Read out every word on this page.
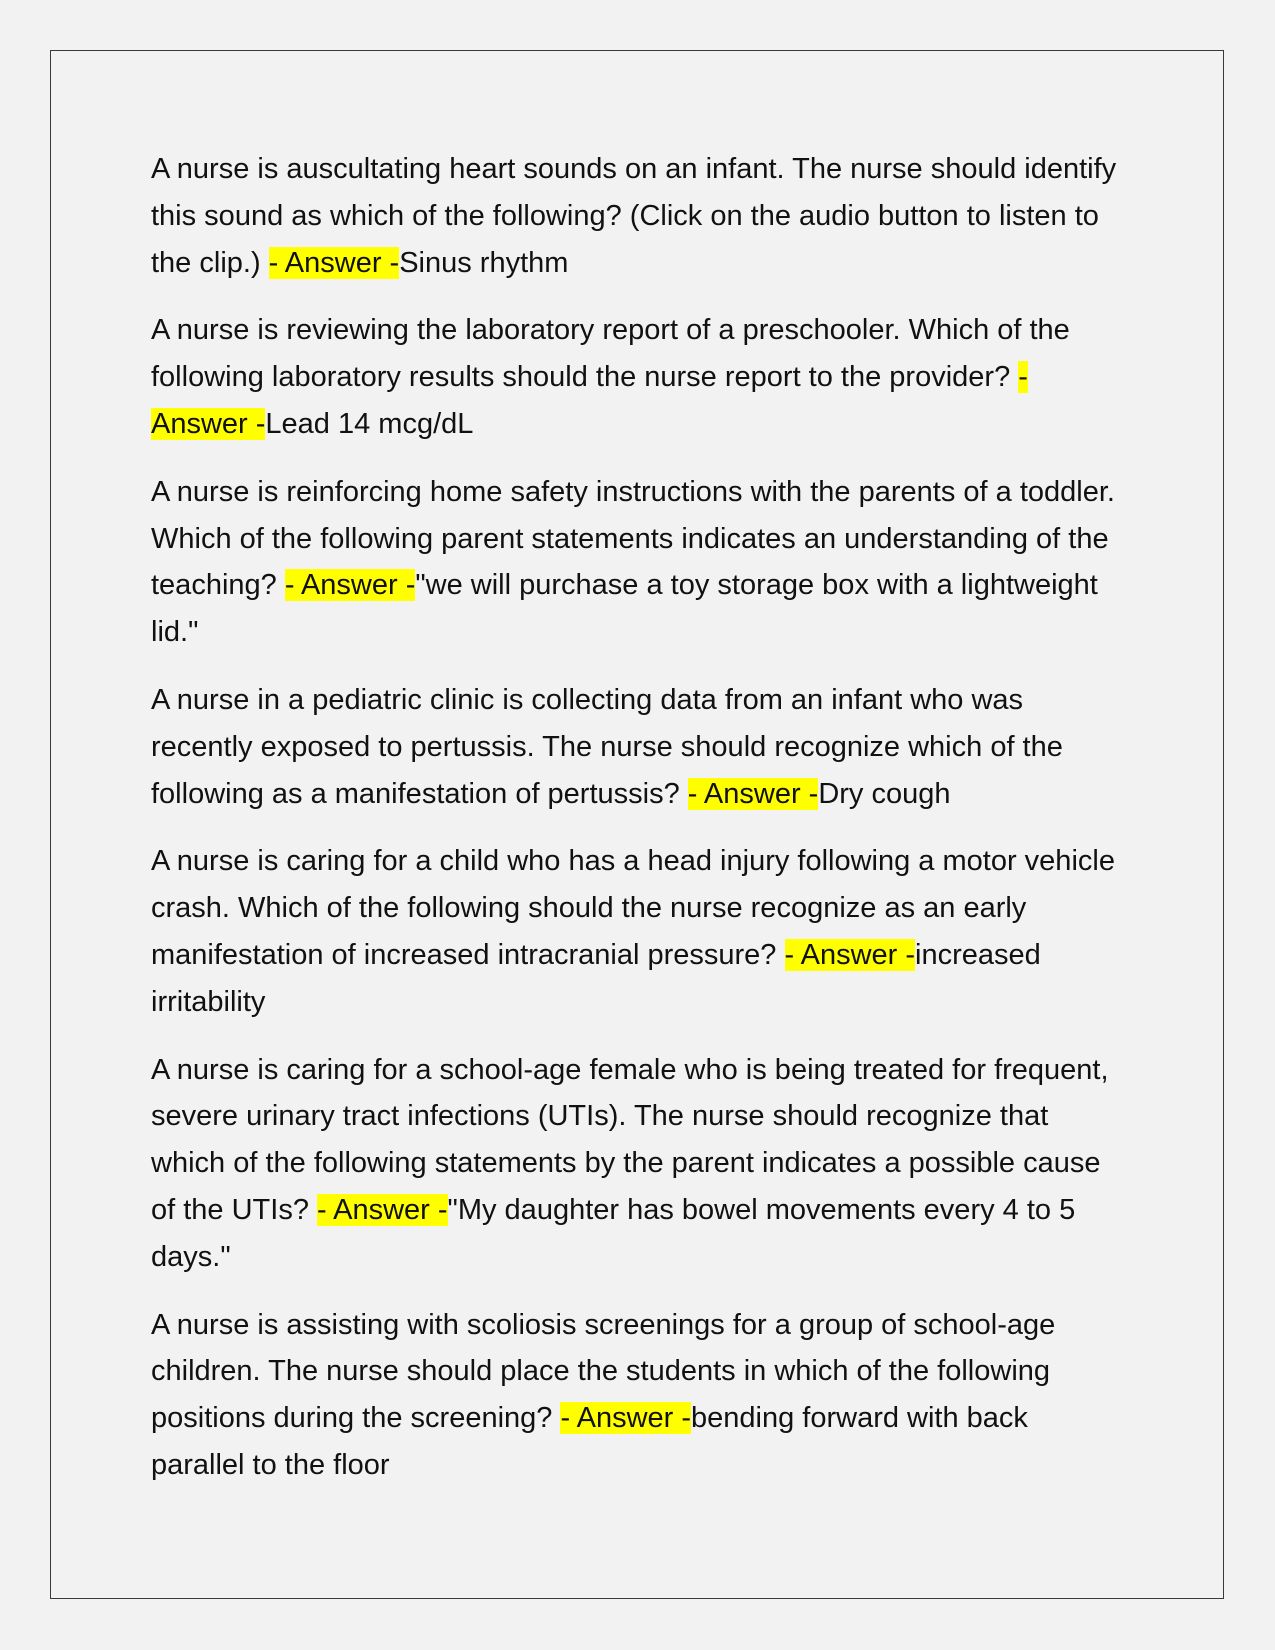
A nurse is auscultating heart sounds on an infant. The nurse should identify this sound as which of the following? (Click on the audio button to listen to the clip.) - Answer -Sinus rhythm

A nurse is reviewing the laboratory report of a preschooler. Which of the following laboratory results should the nurse report to the provider? - Answer -Lead 14 mcg/dL

A nurse is reinforcing home safety instructions with the parents of a toddler. Which of the following parent statements indicates an understanding of the teaching? - Answer -"we will purchase a toy storage box with a lightweight lid."

A nurse in a pediatric clinic is collecting data from an infant who was recently exposed to pertussis. The nurse should recognize which of the following as a manifestation of pertussis? - Answer -Dry cough

A nurse is caring for a child who has a head injury following a motor vehicle crash. Which of the following should the nurse recognize as an early manifestation of increased intracranial pressure? - Answer -increased irritability

A nurse is caring for a school-age female who is being treated for frequent, severe urinary tract infections (UTIs). The nurse should recognize that which of the following statements by the parent indicates a possible cause of the UTIs? - Answer -"My daughter has bowel movements every 4 to 5 days."

A nurse is assisting with scoliosis screenings for a group of school-age children. The nurse should place the students in which of the following positions during the screening? - Answer -bending forward with back parallel to the floor
